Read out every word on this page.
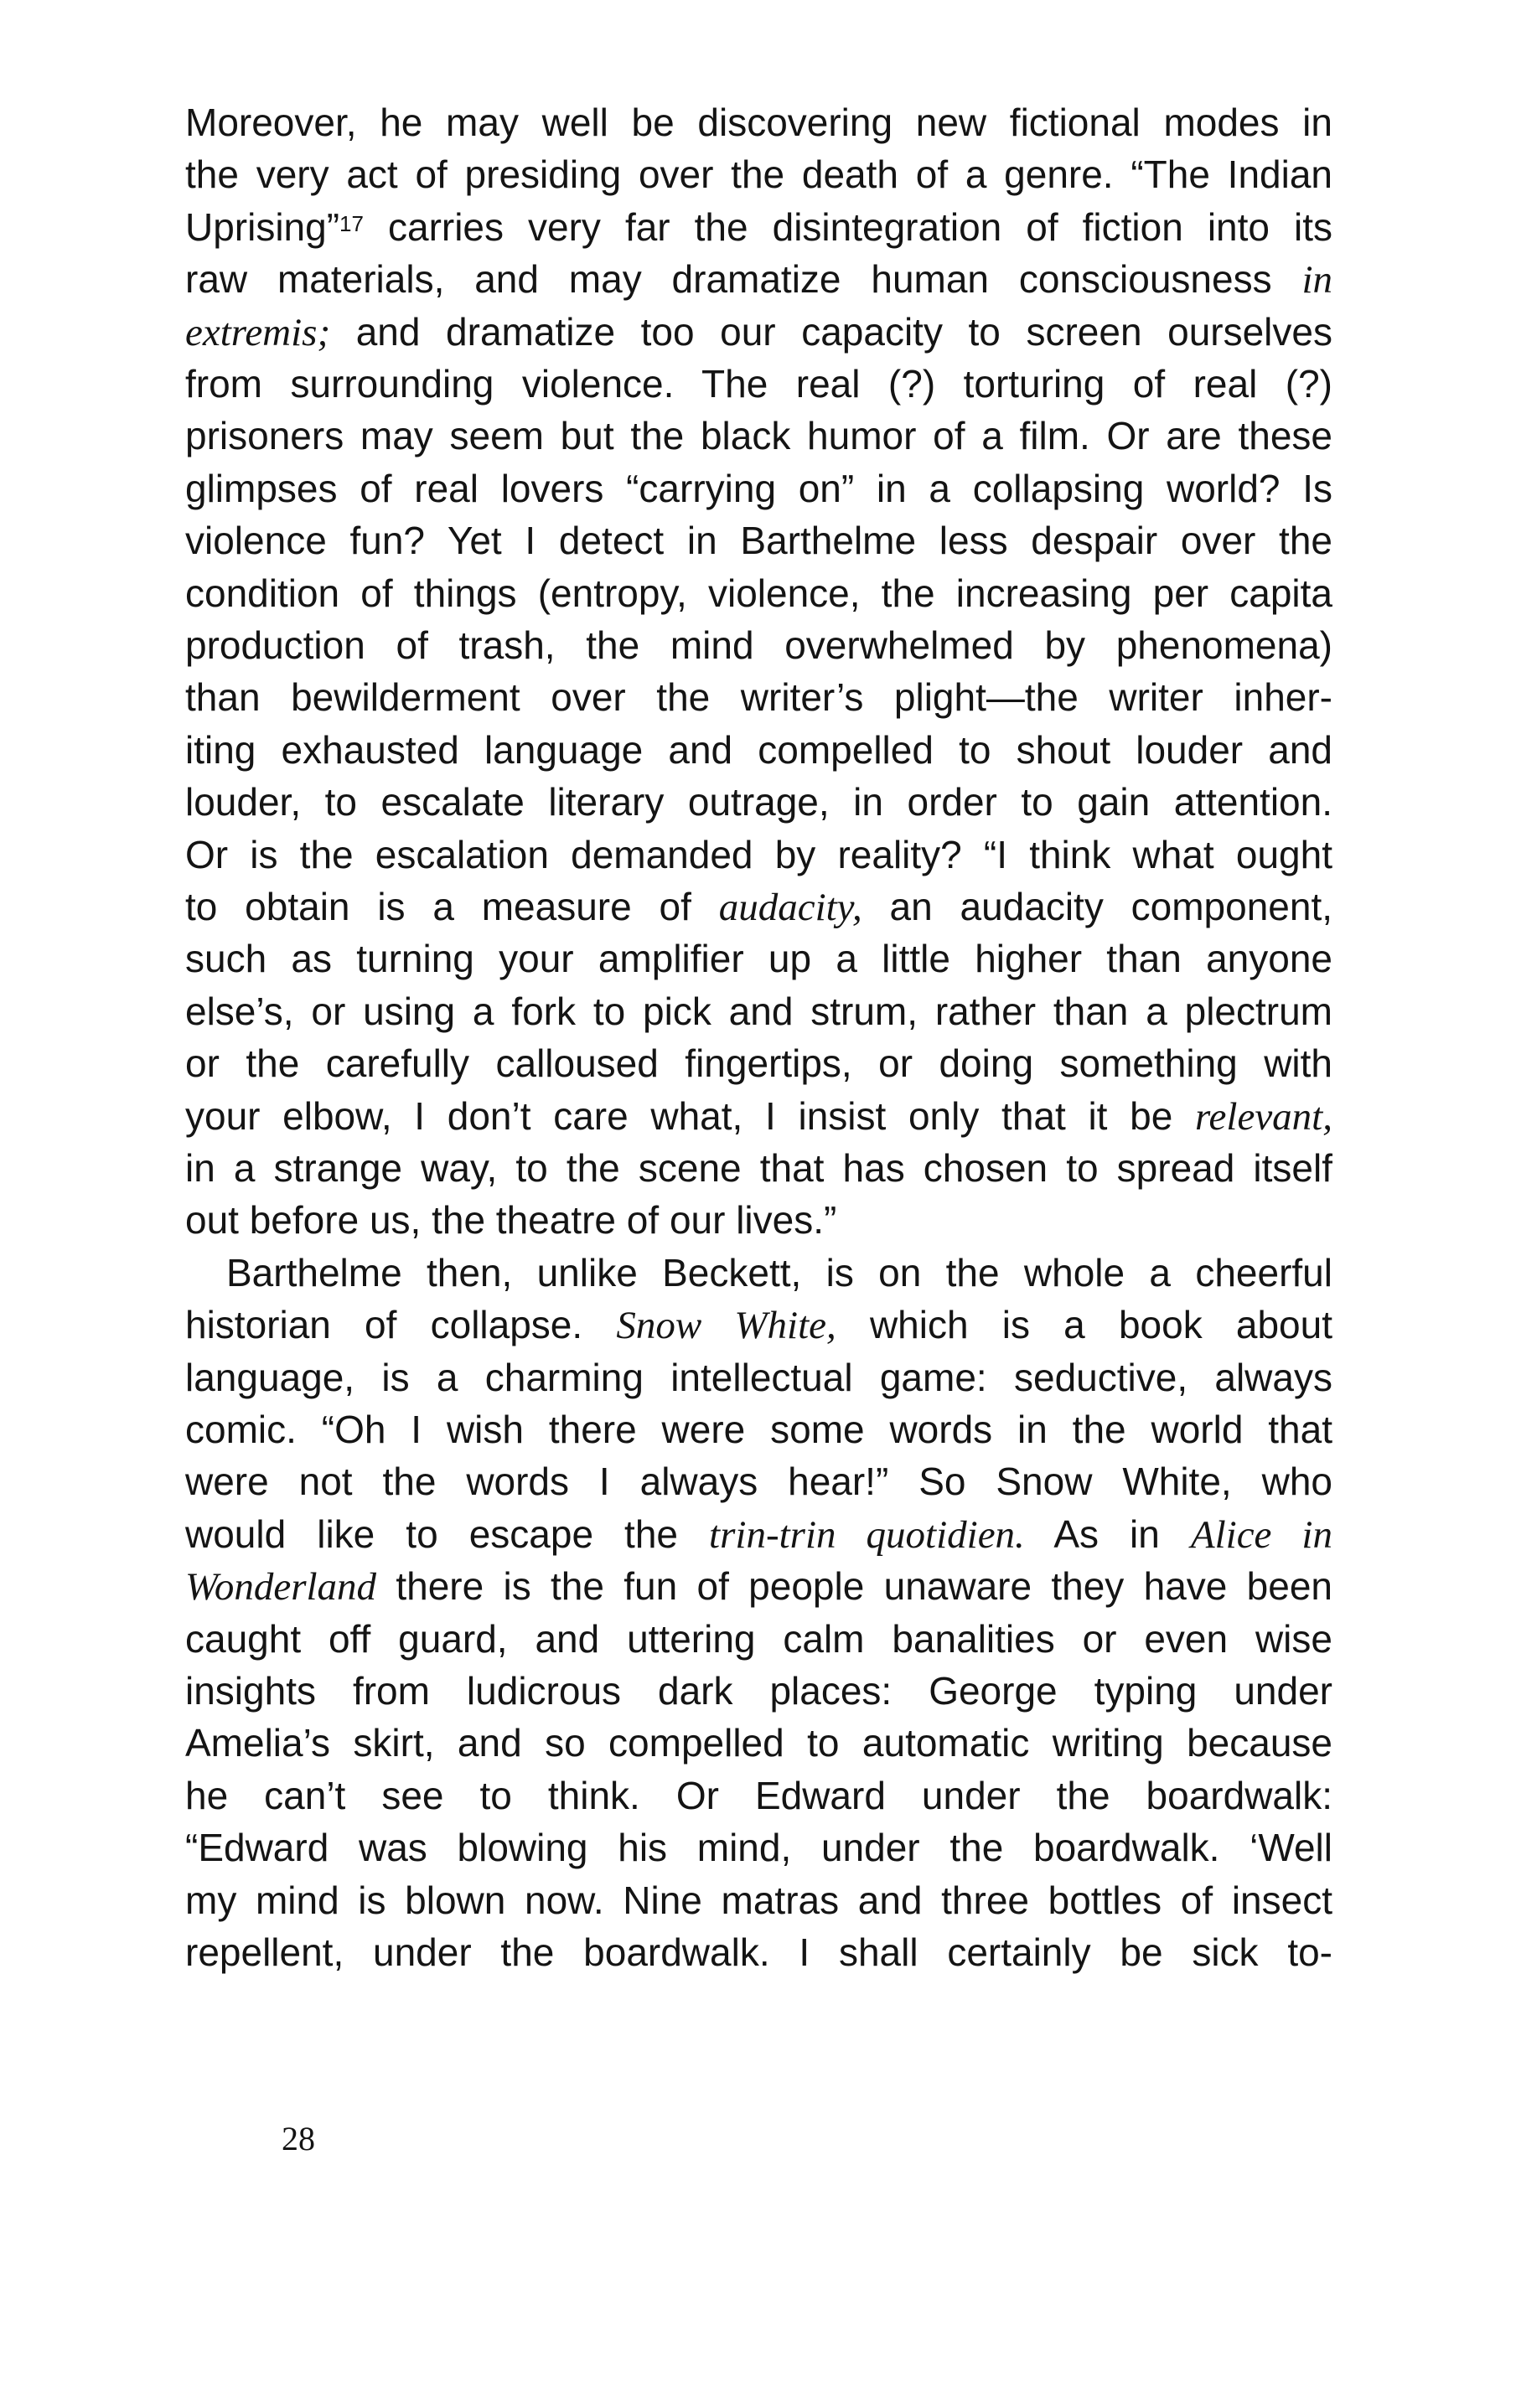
Moreover, he may well be discovering new fictional modes in
the very act of presiding over the death of a genre. “The Indian
Uprising”$^{17}$ carries very far the disintegration of fiction into its
raw materials, and may dramatize human consciousness in
extremis; and dramatize too our capacity to screen ourselves
from surrounding violence. The real (?) torturing of real (?)
prisoners may seem but the black humor of a film. Or are these
glimpses of real lovers “carrying on” in a collapsing world? Is
violence fun? Yet I detect in Barthelme less despair over the
condition of things (entropy, violence, the increasing per capita
production of trash, the mind overwhelmed by phenomena)
than bewilderment over the writer’s plight—the writer inher-
iting exhausted language and compelled to shout louder and
louder, to escalate literary outrage, in order to gain attention.
Or is the escalation demanded by reality? “I think what ought
to obtain is a measure of audacity, an audacity component,
such as turning your amplifier up a little higher than anyone
else’s, or using a fork to pick and strum, rather than a plectrum
or the carefully calloused fingertips, or doing something with
your elbow, I don’t care what, I insist only that it be relevant,
in a strange way, to the scene that has chosen to spread itself
out before us, the theatre of our lives.”
Barthelme then, unlike Beckett, is on the whole a cheerful
historian of collapse. Snow White, which is a book about
language, is a charming intellectual game: seductive, always
comic. “Oh I wish there were some words in the world that
were not the words I always hear!” So Snow White, who
would like to escape the trin-trin quotidien. As in Alice in
Wonderland there is the fun of people unaware they have been
caught off guard, and uttering calm banalities or even wise
insights from ludicrous dark places: George typing under
Amelia’s skirt, and so compelled to automatic writing because
he can’t see to think. Or Edward under the boardwalk:
“Edward was blowing his mind, under the boardwalk. ‘Well
my mind is blown now. Nine matras and three bottles of insect
repellent, under the boardwalk. I shall certainly be sick to-
28
